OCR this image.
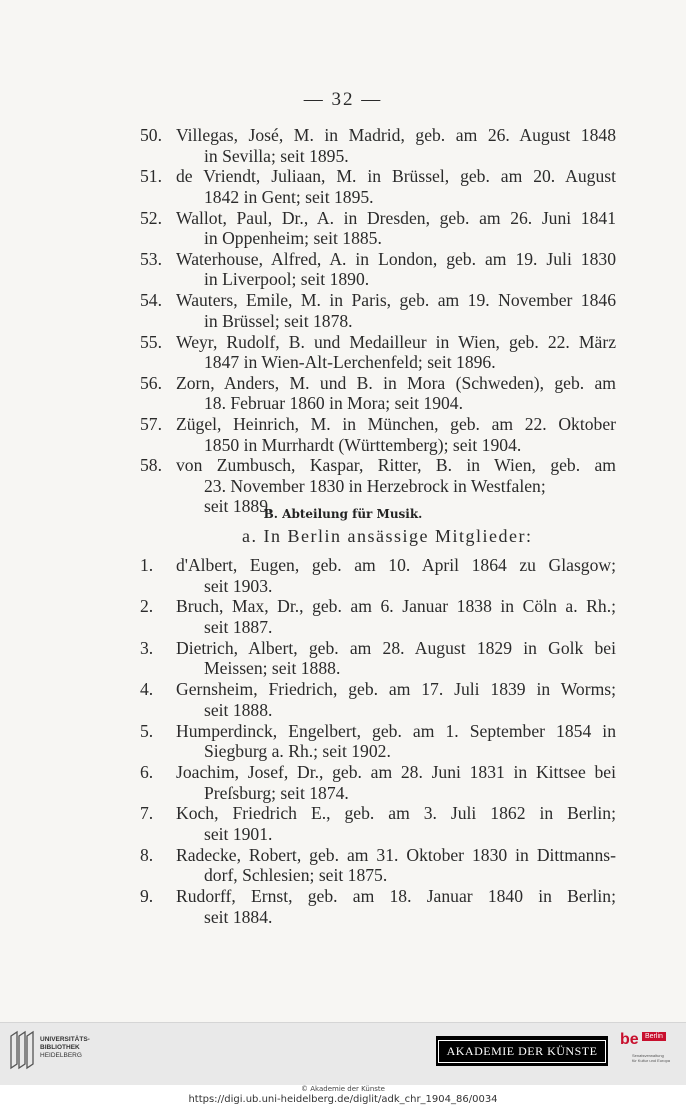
— 32 —
50. Villegas, José, M. in Madrid, geb. am 26. August 1848
in Sevilla; seit 1895.
51. de Vriendt, Juliaan, M. in Brüssel, geb. am 20. August
1842 in Gent; seit 1895.
52. Wallot, Paul, Dr., A. in Dresden, geb. am 26. Juni 1841
in Oppenheim; seit 1885.
53. Waterhouse, Alfred, A. in London, geb. am 19. Juli 1830
in Liverpool; seit 1890.
54. Wauters, Emile, M. in Paris, geb. am 19. November 1846
in Brüssel; seit 1878.
55. Weyr, Rudolf, B. und Medailleur in Wien, geb. 22. März
1847 in Wien-Alt-Lerchenfeld; seit 1896.
56. Zorn, Anders, M. und B. in Mora (Schweden), geb. am
18. Februar 1860 in Mora; seit 1904.
57. Zügel, Heinrich, M. in München, geb. am 22. Oktober
1850 in Murrhardt (Württemberg); seit 1904.
58. von Zumbusch, Kaspar, Ritter, B. in Wien, geb. am
23. November 1830 in Herzebrock in Westfalen;
seit 1889.
B. Abteilung für Musik.
a. In Berlin ansässige Mitglieder:
1.	d'Albert, Eugen, geb. am 10. April 1864 zu Glasgow;
seit 1903.
2.	Bruch, Max, Dr., geb. am 6. Januar 1838 in Cöln a. Rh.;
seit 1887.
3.	Dietrich, Albert, geb. am 28. August 1829 in Golk bei
Meissen; seit 1888.
4.	Gernsheim, Friedrich, geb. am 17. Juli 1839 in Worms;
seit 1888.
5.	Humperdinck, Engelbert, geb. am 1. September 1854 in
Siegburg a. Rh.; seit 1902.
6.	Joachim, Josef, Dr., geb. am 28. Juni 1831 in Kittsee bei
Preſsburg; seit 1874.
7.	Koch, Friedrich E., geb. am 3. Juli 1862 in Berlin;
seit 1901.
8.	Radecke, Robert, geb. am 31. Oktober 1830 in Dittmanns-
dorf, Schlesien; seit 1875.
9.	Rudorff, Ernst, geb. am 18. Januar 1840 in Berlin;
seit 1884.
UNIVERSITÄTS-
BIBLIOTHEK
HEIDELBERG	AKADEMIE DER KÜNSTE
be Berlin
Senatsverwaltung
für Kultur und Europa
© Akademie der Künste
https://digi.ub.uni-heidelberg.de/diglit/adk_chr_1904_86/0034
